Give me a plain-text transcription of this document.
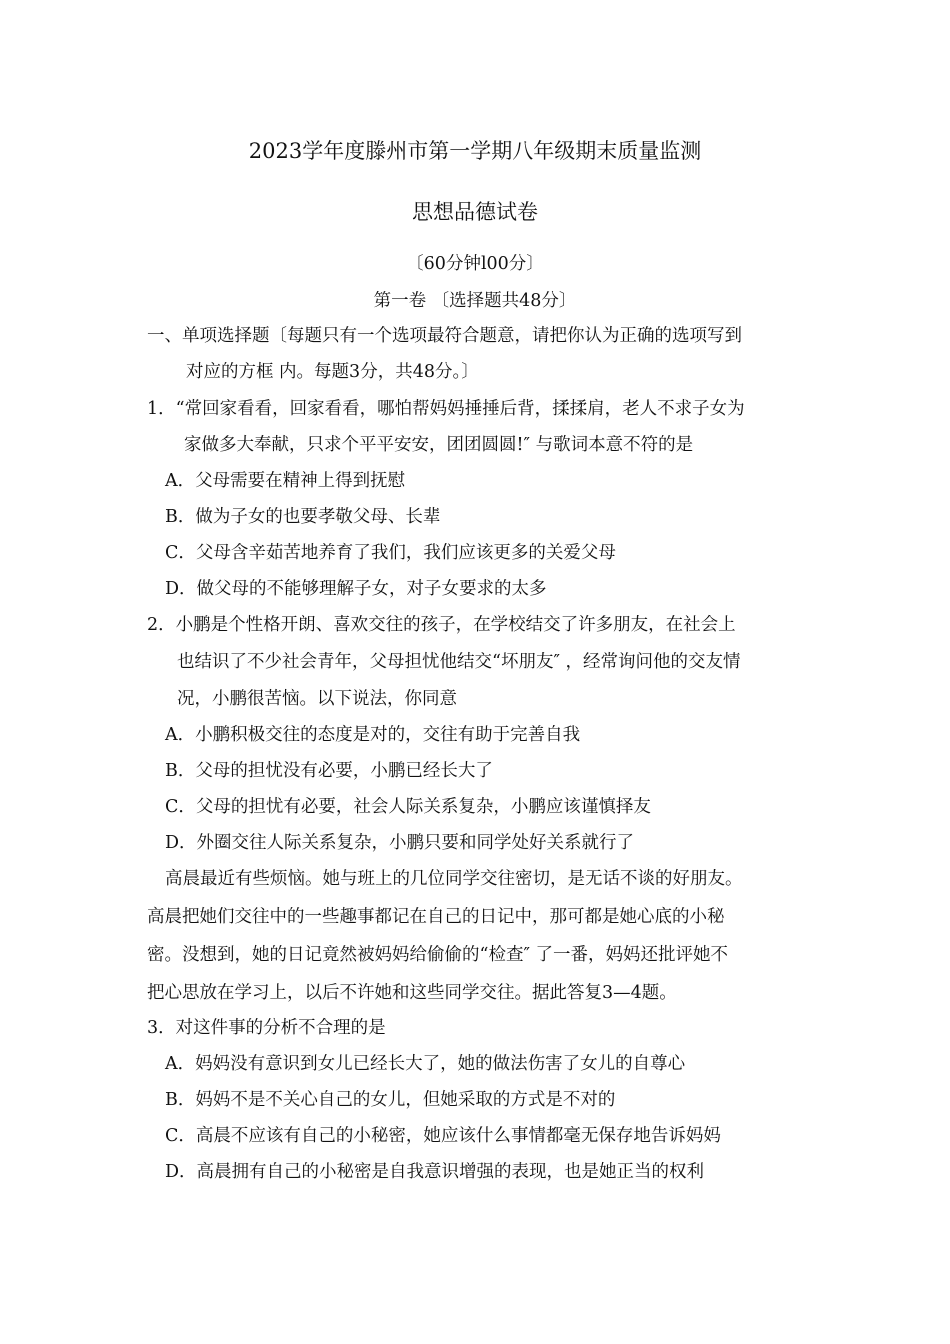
2023学年度滕州市第一学期八年级期末质量监测
思想品德试卷
〔60分钟l00分〕
第一卷 〔选择题共48分〕
一、单项选择题〔每题只有一个选项最符合题意，请把你认为正确的选项写到
对应的方框 内。每题3分，共48分。〕
1．“常回家看看，回家看看，哪怕帮妈妈捶捶后背，揉揉肩，老人不求子女为
家做多大奉献，只求个平平安安，团团圆圆!″ 与歌词本意不符的是
A．父母需要在精神上得到抚慰
B．做为子女的也要孝敬父母、长辈
C．父母含辛茹苦地养育了我们，我们应该更多的关爱父母
D．做父母的不能够理解子女，对子女要求的太多
2．小鹏是个性格开朗、喜欢交往的孩子，在学校结交了许多朋友，在社会上
也结识了不少社会青年，父母担忧他结交“坏朋友″ ，经常询问他的交友情
况，小鹏很苦恼。以下说法，你同意
A．小鹏积极交往的态度是对的，交往有助于完善自我
B．父母的担忧没有必要，小鹏已经长大了
C．父母的担忧有必要，社会人际关系复杂，小鹏应该谨慎择友
D．外圈交往人际关系复杂，小鹏只要和同学处好关系就行了
高晨最近有些烦恼。她与班上的几位同学交往密切，是无话不谈的好朋友。
高晨把她们交往中的一些趣事都记在自己的日记中，那可都是她心底的小秘
密。没想到，她的日记竟然被妈妈给偷偷的“检查″ 了一番，妈妈还批评她不
把心思放在学习上，以后不许她和这些同学交往。据此答复3—4题。
3．对这件事的分析不合理的是
A．妈妈没有意识到女儿已经长大了，她的做法伤害了女儿的自尊心
B．妈妈不是不关心自己的女儿，但她采取的方式是不对的
C．高晨不应该有自己的小秘密，她应该什么事情都毫无保存地告诉妈妈
D．高晨拥有自己的小秘密是自我意识增强的表现，也是她正当的权利
